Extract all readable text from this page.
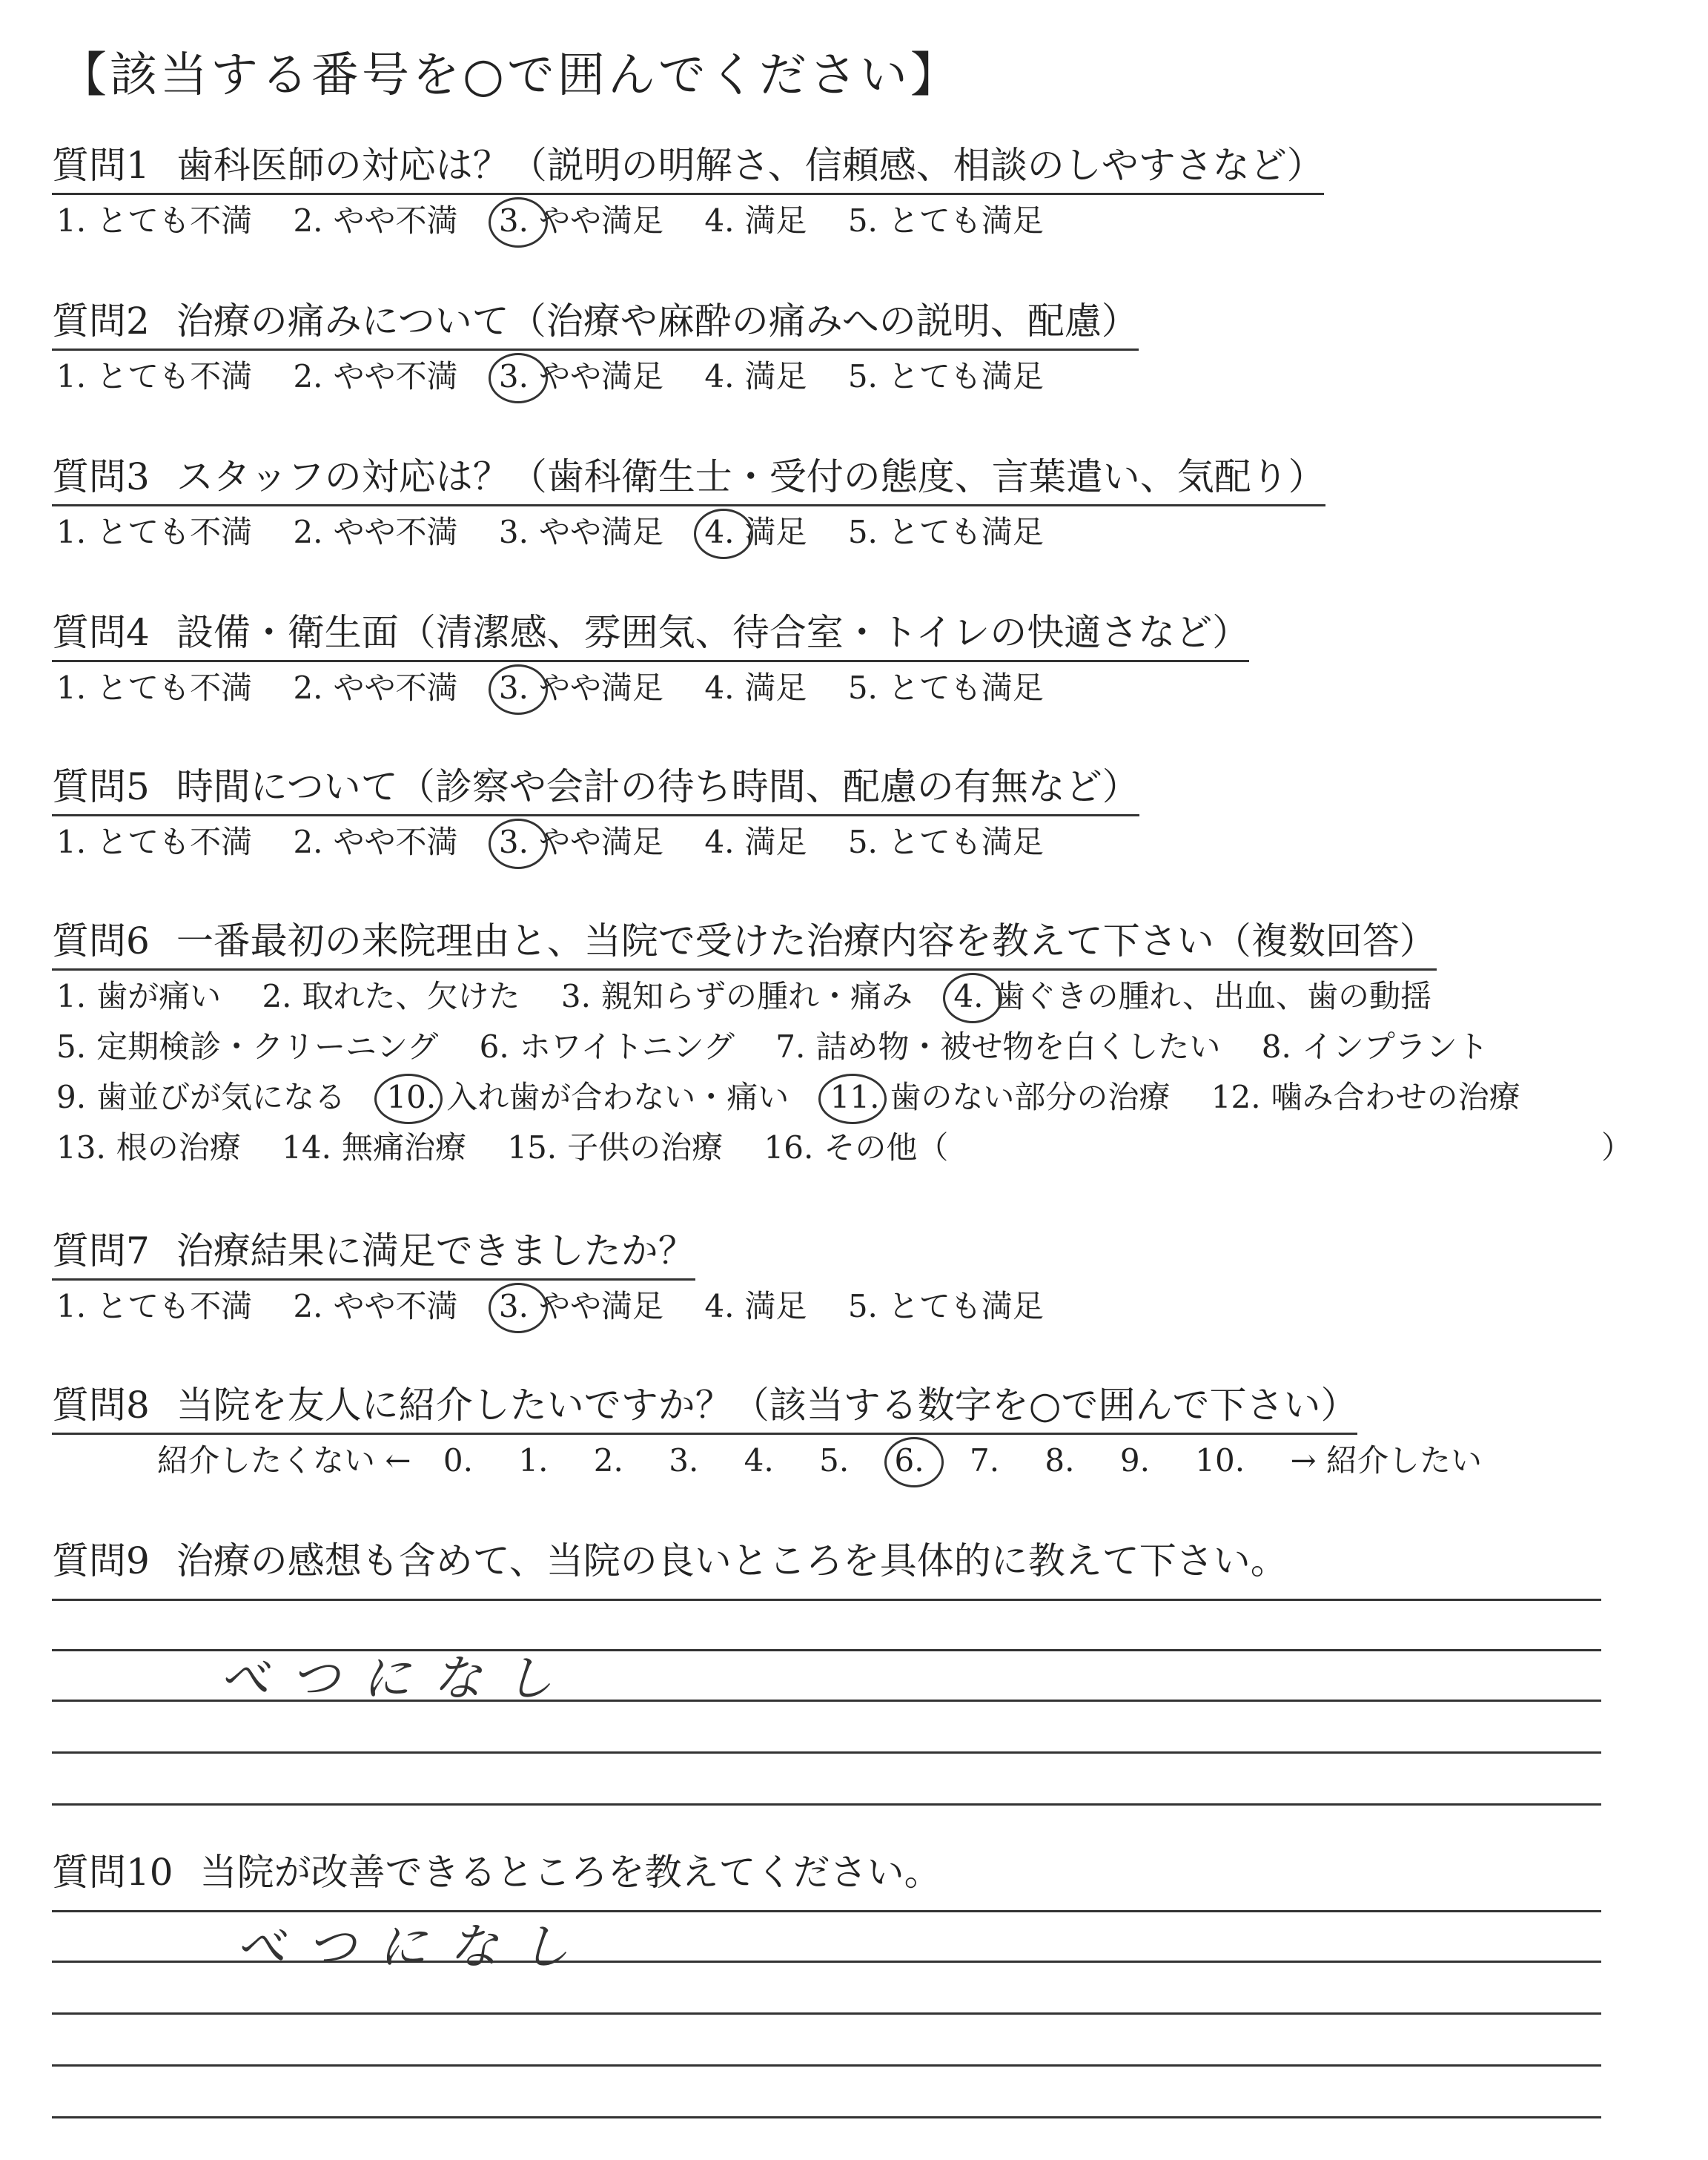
【該当する番号を○で囲んでください】
質問1 歯科医師の対応は？（説明の明解さ、信頼感、相談のしやすさなど）
1. とても不満 2. やや不満 3. やや満足 4. 満足 5. とても満足
質問2 治療の痛みについて（治療や麻酔の痛みへの説明、配慮）
1. とても不満 2. やや不満 3. やや満足 4. 満足 5. とても満足
質問3 スタッフの対応は？（歯科衛生士・受付の態度、言葉遣い、気配り）
1. とても不満 2. やや不満 3. やや満足 4. 満足 5. とても満足
質問4 設備・衛生面（清潔感、雰囲気、待合室・トイレの快適さなど）
1. とても不満 2. やや不満 3. やや満足 4. 満足 5. とても満足
質問5 時間について（診察や会計の待ち時間、配慮の有無など）
1. とても不満 2. やや不満 3. やや満足 4. 満足 5. とても満足
質問6 一番最初の来院理由と、当院で受けた治療内容を教えて下さい（複数回答）
1. 歯が痛い 2. 取れた、欠けた 3. 親知らずの腫れ・痛み 4. 歯ぐきの腫れ、出血、歯の動揺
5. 定期検診・クリーニング 6. ホワイトニング 7. 詰め物・被せ物を白くしたい 8. インプラント
9. 歯並びが気になる 10. 入れ歯が合わない・痛い 11. 歯のない部分の治療 12. 噛み合わせの治療
13. 根の治療 14. 無痛治療 15. 子供の治療 16. その他（	）
質問7 治療結果に満足できましたか？
1. とても不満 2. やや不満 3. やや満足 4. 満足 5. とても満足
質問8 当院を友人に紹介したいですか？（該当する数字を○で囲んで下さい）
紹介したくない ← 0. 1. 2. 3. 4. 5. 6. 7. 8. 9. 10. → 紹介したい
質問9 治療の感想も含めて、当院の良いところを具体的に教えて下さい。
べつになし
質問10 当院が改善できるところを教えてください。
べつになし
